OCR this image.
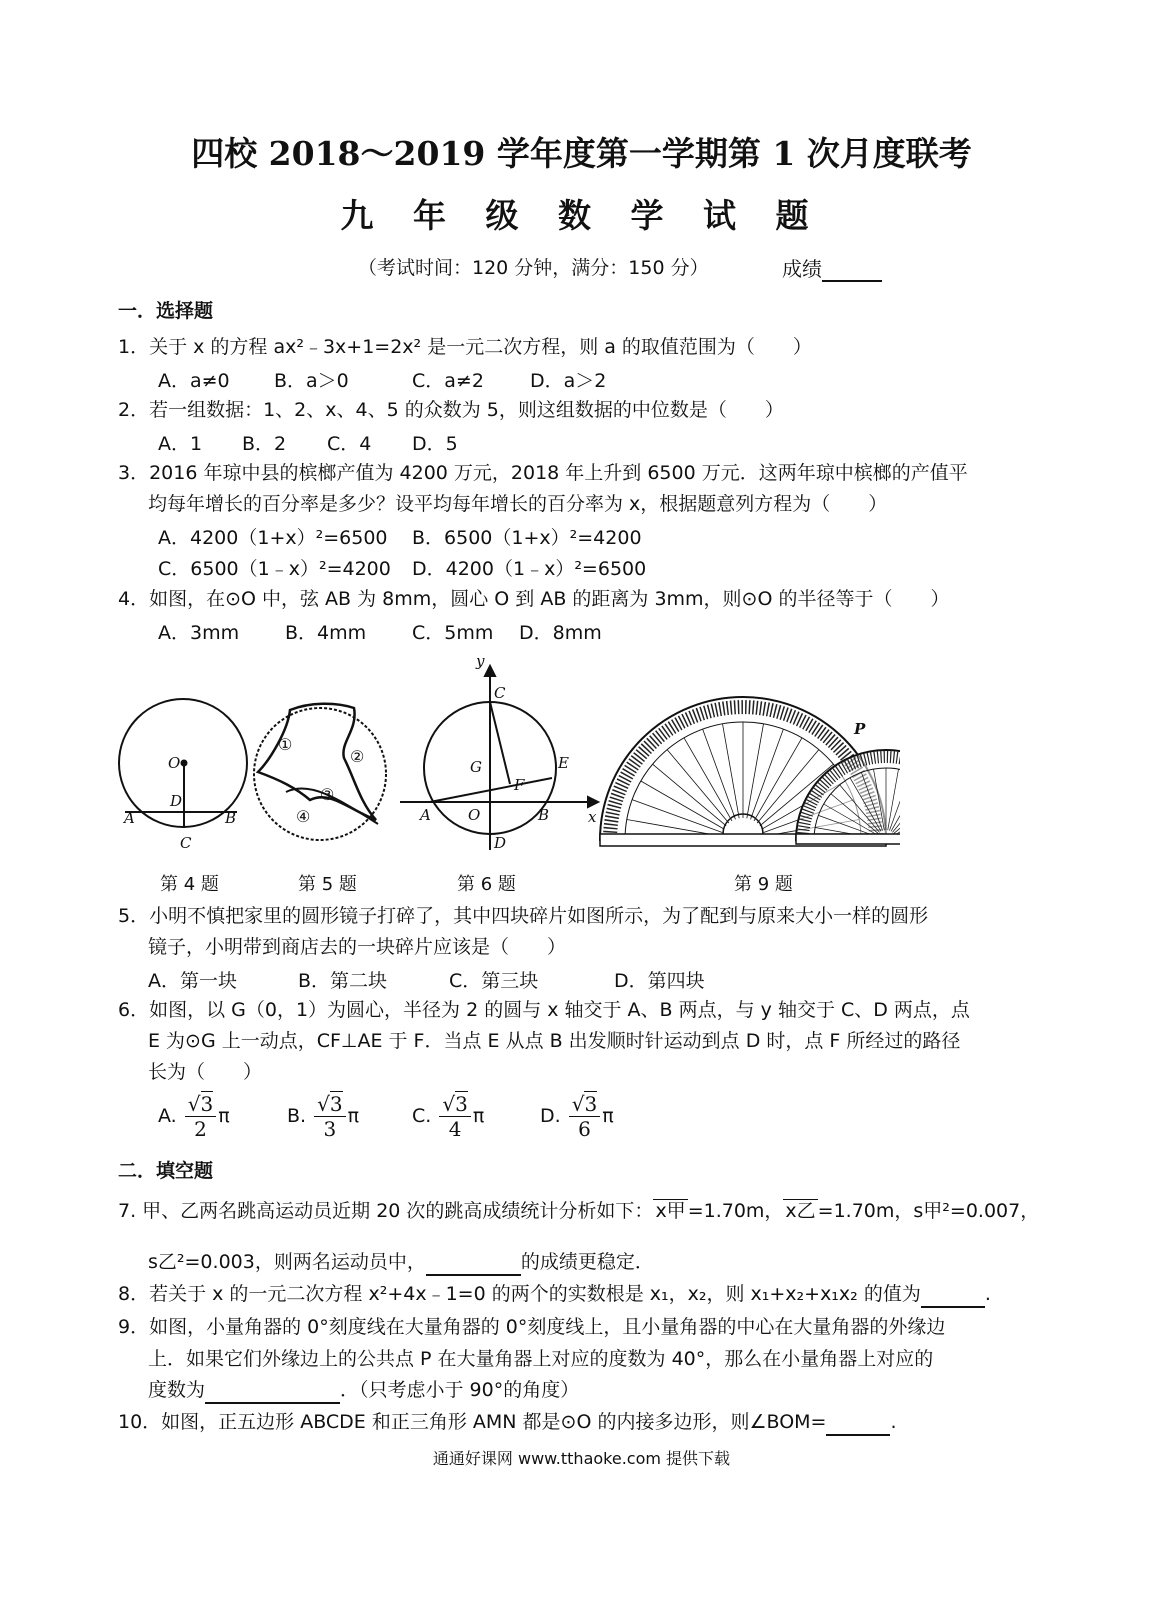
四校 2018～2019 学年度第一学期第 1 次月度联考
九 年 级 数 学 试 题
（考试时间：120 分钟，满分：150 分）	成绩
一．选择题
1．关于 x 的方程 ax²﹣3x+1=2x² 是一元二次方程，则 a 的取值范围为（　　）
A．a≠0 B．a＞0	C．a≠2 D．a＞2
2．若一组数据：1、2、x、4、5 的众数为 5，则这组数据的中位数是（　　）
A．1 B．2 C．4 D．5
3．2016 年琼中县的槟榔产值为 4200 万元，2018 年上升到 6500 万元．这两年琼中槟榔的产值平
均每年增长的百分率是多少？设平均每年增长的百分率为 x，根据题意列方程为（　　）
A．4200（1+x）²=6500 B．6500（1+x）²=4200
C．6500（1﹣x）²=4200 D．4200（1﹣x）²=6500
4．如图，在⊙O 中，弦 AB 为 8mm，圆心 O 到 AB 的距离为 3mm，则⊙O 的半径等于（　　）
A．3mm B．4mm C．5mm D．8mm
O
D
A	B
C
①
②
③
④
y
C
G	E
F
A O	B
D
x
P
第 4 题	第 5 题	第 6 题	第 9 题
5．小明不慎把家里的圆形镜子打碎了，其中四块碎片如图所示，为了配到与原来大小一样的圆形
镜子，小明带到商店去的一块碎片应该是（　　）
A．第一块	B．第二块	C．第三块	D．第四块
6．如图，以 G（0，1）为圆心，半径为 2 的圆与 x 轴交于 A、B 两点，与 y 轴交于 C、D 两点，点
E 为⊙G 上一动点，CF⊥AE 于 F．当点 E 从点 B 出发顺时针运动到点 D 时，点 F 所经过的路径
长为（　　）
A. $\frac{√3}{2}$ π	B. $\frac{√3}{3}$ π	C. $\frac{√3}{4}$ π	D. $\frac{√3}{6}$ π
二．填空题
7. 甲、乙两名跳高运动员近期 20 次的跳高成绩统计分析如下： x甲 =1.70m， x乙 =1.70m，s甲²=0.007，
s乙²=0.003，则两名运动员中，	的成绩更稳定．
8．若关于 x 的一元二次方程 x²+4x﹣1=0 的两个的实数根是 x₁，x₂，则 x₁+x₂+x₁x₂ 的值为	.
9．如图，小量角器的 0°刻度线在大量角器的 0°刻度线上，且小量角器的中心在大量角器的外缘边
上．如果它们外缘边上的公共点 P 在大量角器上对应的度数为 40°，那么在小量角器上对应的
度数为	．（只考虑小于 90°的角度）
10．如图，正五边形 ABCDE 和正三角形 AMN 都是⊙O 的内接多边形，则∠BOM=	.
通通好课网 www.tthaoke.com 提供下载
